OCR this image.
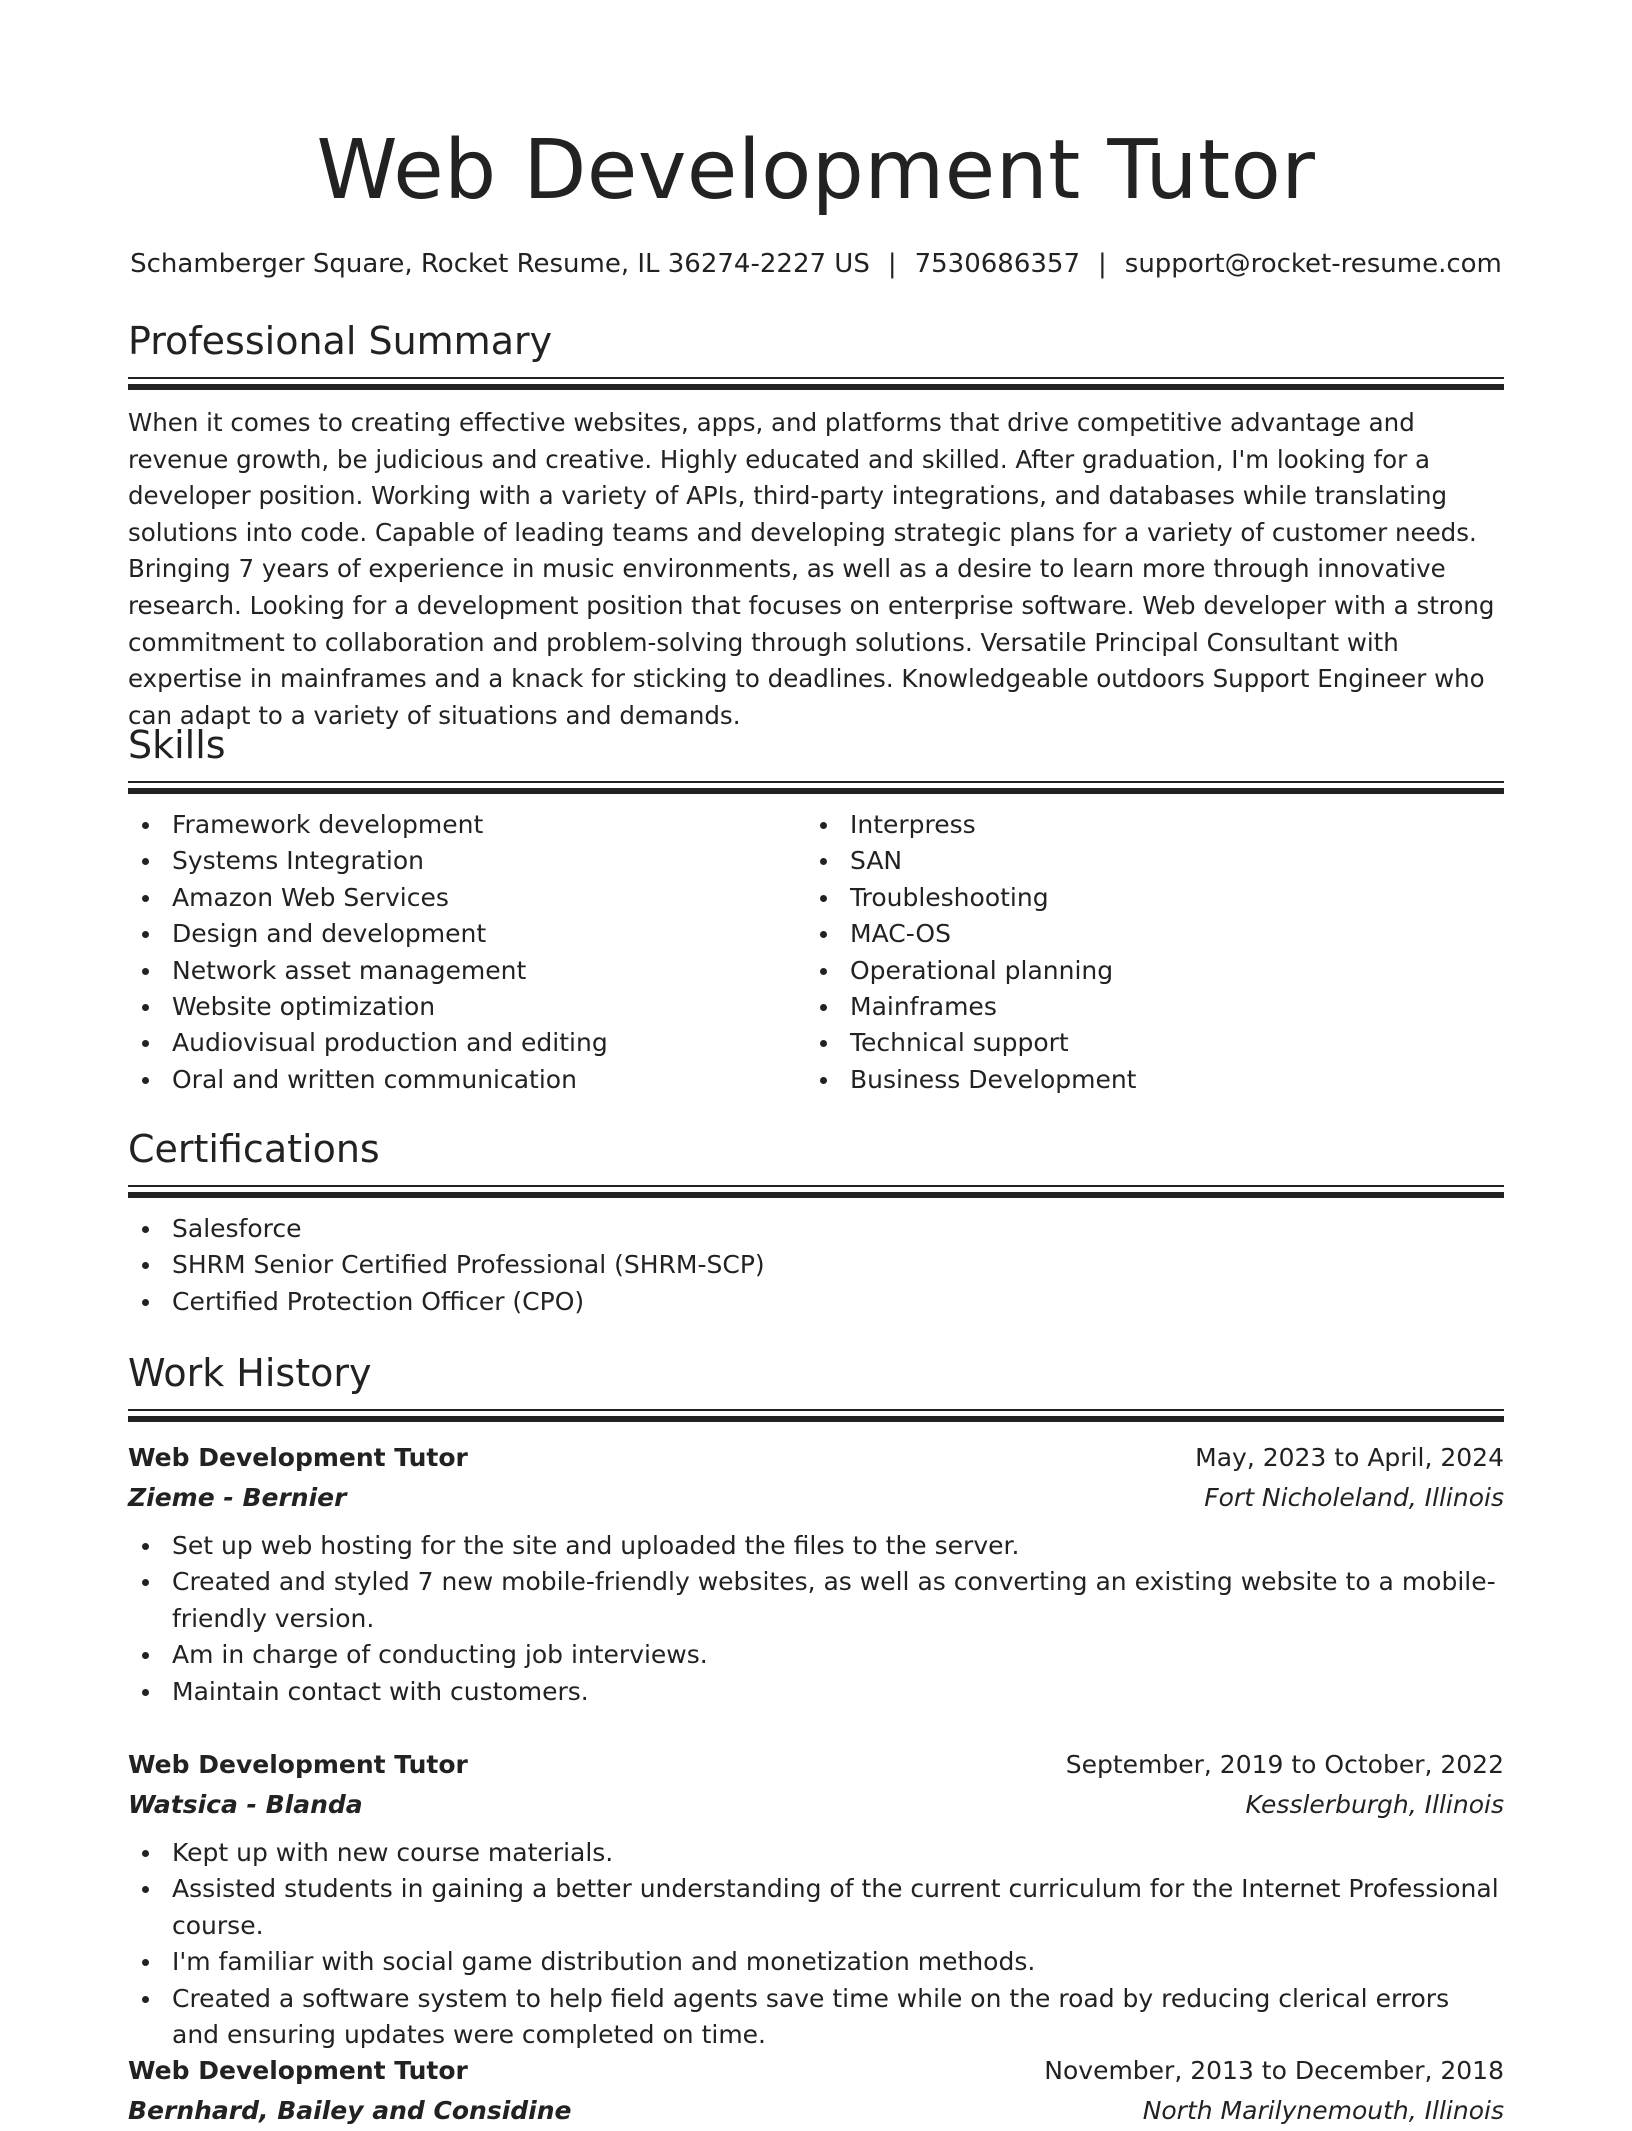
Web Development Tutor
Schamberger Square, Rocket Resume, IL 36274-2227 US | 7530686357 | support@rocket-resume.com
Professional Summary

When it comes to creating effective websites, apps, and platforms that drive competitive advantage and revenue growth, be judicious and creative. Highly educated and skilled. After graduation, I'm looking for a developer position. Working with a variety of APIs, third-party integrations, and databases while translating solutions into code. Capable of leading teams and developing strategic plans for a variety of customer needs. Bringing 7 years of experience in music environments, as well as a desire to learn more through innovative research. Looking for a development position that focuses on enterprise software. Web developer with a strong commitment to collaboration and problem-solving through solutions. Versatile Principal Consultant with expertise in mainframes and a knack for sticking to deadlines. Knowledgeable outdoors Support Engineer who can adapt to a variety of situations and demands.

Skills
Framework development
Systems Integration
Amazon Web Services
Design and development
Network asset management
Website optimization
Audiovisual production and editing
Oral and written communication
Interpress
SAN
Troubleshooting
MAC-OS
Operational planning
Mainframes
Technical support
Business Development
Certifications
Salesforce
SHRM Senior Certified Professional (SHRM-SCP)
Certified Protection Officer (CPO)
Work History
Web Development Tutor	May, 2023 to April, 2024
Zieme - Bernier	Fort Nicholeland, Illinois
Set up web hosting for the site and uploaded the files to the server.
Created and styled 7 new mobile-friendly websites, as well as converting an existing website to a mobile-friendly version.
Am in charge of conducting job interviews.
Maintain contact with customers.
Web Development Tutor	September, 2019 to October, 2022
Watsica - Blanda	Kesslerburgh, Illinois
Kept up with new course materials.
Assisted students in gaining a better understanding of the current curriculum for the Internet Professional course.
I'm familiar with social game distribution and monetization methods.
Created a software system to help field agents save time while on the road by reducing clerical errors and ensuring updates were completed on time.
Web Development Tutor	November, 2013 to December, 2018
Bernhard, Bailey and Considine	North Marilynemouth, Illinois
